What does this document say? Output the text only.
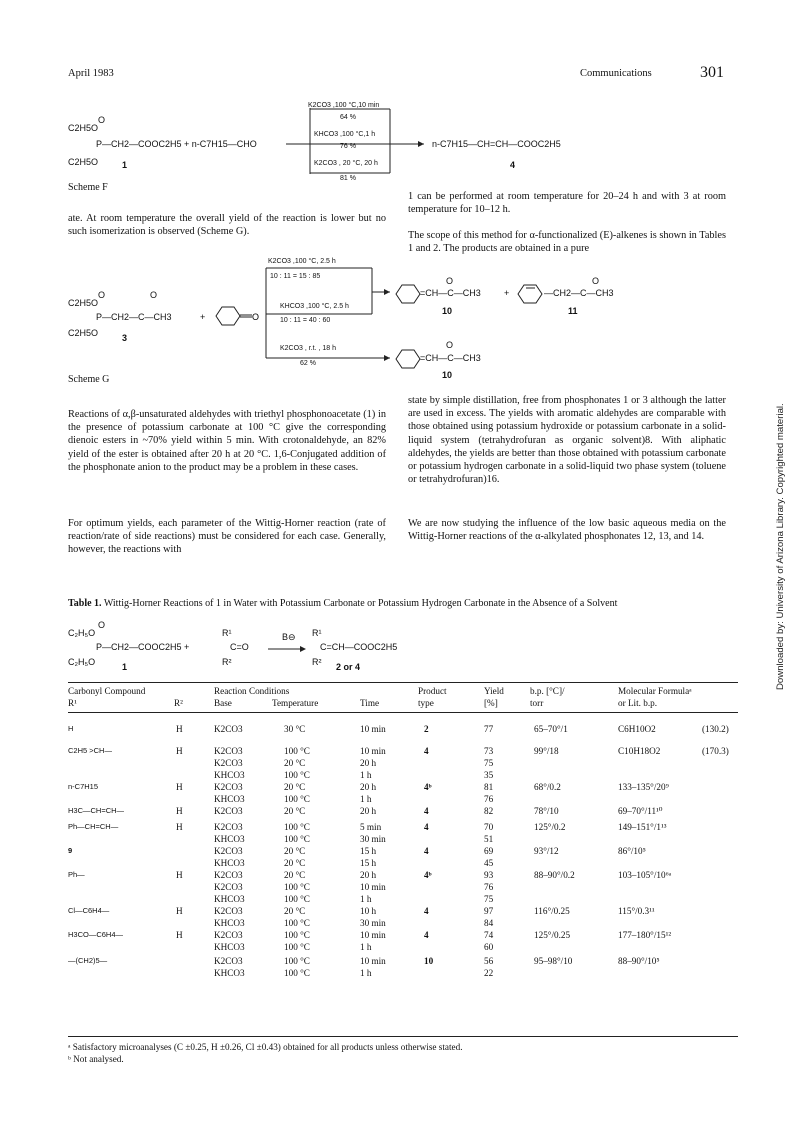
April 1983	Communications	301
C2H5O
O
P—CH2—COOC2H5 + n-C7H15—CHO
C2H5O	1
K2CO3 ,100 °C,10 min
64 %
KHCO3 ,100 °C,1 h
76 %
K2CO3 , 20 °C, 20 h
81 %
n-C7H15—CH=CH—COOC2H5
4
Scheme F
ate. At room temperature the overall yield of the reaction is lower but no such isomerization is observed (Scheme G).
1 can be performed at room temperature for 20–24 h and with 3 at room temperature for 10–12 h.
The scope of this method for α-functionalized (E)-alkenes is shown in Tables 1 and 2. The products are obtained in a pure
C2H5O
O	O
P—CH2—C—CH3
C2H5O	3
+	O
K2CO3 ,100 °C, 2.5 h
10 : 11 = 15 : 85
KHCO3 ,100 °C, 2.5 h
10 : 11 = 40 : 60
K2CO3 , r.t. , 18 h
62 %
O
=CH—C—CH3
10
+
O
—CH2—C—CH3
11
O
=CH—C—CH3
10
Scheme G
Reactions of α,β-unsaturated aldehydes with triethyl phosphonoacetate (1) in the presence of potassium carbonate at 100 °C give the corresponding dienoic esters in ~70% yield within 5 min. With crotonaldehyde, an 82% yield of the ester is obtained after 20 h at 20 °C. 1,6-Conjugated addition of the phosphonate anion to the product may be a problem in these cases.
For optimum yields, each parameter of the Wittig-Horner reaction (rate of reaction/rate of side reactions) must be considered for each case. Generally, however, the reactions with
state by simple distillation, free from phosphonates 1 or 3 although the latter are used in excess. The yields with aromatic aldehydes are comparable with those obtained using potassium hydroxide or potassium carbonate in a solid-liquid system (tetrahydrofuran as organic solvent)8. With aliphatic aldehydes, the yields are better than those obtained with potassium carbonate or potassium hydrogen carbonate in a solid-liquid two phase system (toluene or tetrahydrofuran)16.
We are now studying the influence of the low basic aqueous media on the Wittig-Horner reactions of the α-alkylated phosphonates 12, 13, and 14.	Downloaded by: University of Arizona Library. Copyrighted material.
Table 1. Wittig-Horner Reactions of 1 in Water with Potassium Carbonate or Potassium Hydrogen Carbonate in the Absence of a Solvent
C₂H₅O
O
P—CH2—COOC2H5 +
C₂H₅O	1
R¹
C=O
R²
B⊖ R¹
C=CH—COOC2H5
R² 2 or 4
Carbonyl Compound
R¹	R²
Reaction Conditions
Base	Temperature	Time
Product
type
Yield
[%]
b.p. [°C]/
torr
Molecular Formulaᵃ
or Lit. b.p.
H	H	K2CO3	30 °C	10 min	2	77	65–70°/1	C6H10O2	(130.2)
C2H5 >CH—	H	K2CO3	100 °C	10 min	4	73	99°/18	C10H18O2	(170.3)
K2CO3	20 °C	20 h	75
KHCO3	100 °C	1 h	35
n-C7H15	H	K2CO3	20 °C	20 h	4ᵇ	81	68°/0.2	133–135°/20⁹
KHCO3	100 °C	1 h	76
H3C—CH=CH—	H	K2CO3	20 °C	20 h	4	82	78°/10	69–70°/11¹⁰
Ph—CH=CH—	H	K2CO3	100 °C	5 min	4	70	125°/0.2	149–151°/1¹³
KHCO3	100 °C	30 min	51
9	K2CO3	20 °C	15 h	4	69	93°/12	86°/10⁵
KHCO3	20 °C	15 h	45
Ph—	H	K2CO3	20 °C	20 h	4ᵇ	93	88–90°/0.2	103–105°/10⁶ᵃ
K2CO3	100 °C	10 min	76
KHCO3	100 °C	1 h	75
Cl—C6H4—	H	K2CO3	20 °C	10 h	4	97	116°/0.25	115°/0.3¹¹
KHCO3	100 °C	30 min	84
H3CO—C6H4—	H	K2CO3	100 °C	10 min	4	74	125°/0.25	177–180°/15¹²
KHCO3	100 °C	1 h	60
—(CH2)5—	K2CO3	100 °C	10 min	10	56	95–98°/10	88–90°/10⁵
KHCO3	100 °C	1 h	22
ᵃ Satisfactory microanalyses (C ±0.25, H ±0.26, Cl ±0.43) obtained for all products unless otherwise stated.
ᵇ Not analysed.
